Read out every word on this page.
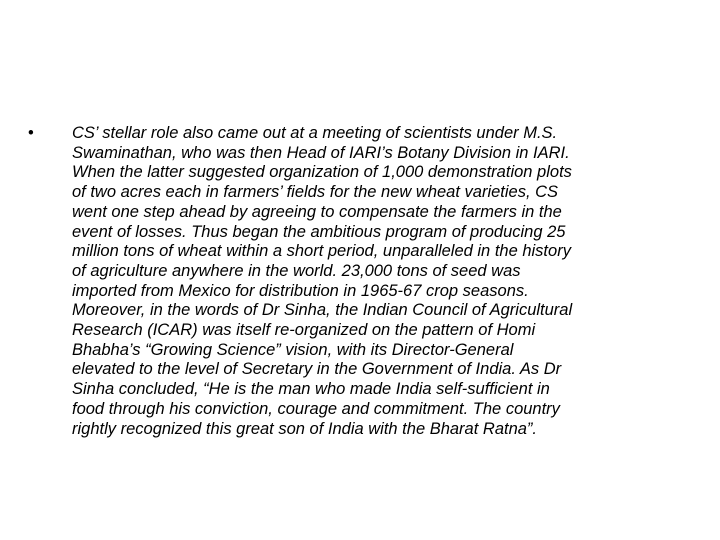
•	CS’ stellar role also came out at a meeting of scientists under M.S.
Swaminathan, who was then Head of IARI’s Botany Division in IARI.
When the latter suggested organization of 1,000 demonstration plots
of two acres each in farmers’ fields for the new wheat varieties, CS
went one step ahead by agreeing to compensate the farmers in the
event of losses. Thus began the ambitious program of producing 25
million tons of wheat within a short period, unparalleled in the history
of agriculture anywhere in the world. 23,000 tons of seed was
imported from Mexico for distribution in 1965-67 crop seasons.
Moreover, in the words of Dr Sinha, the Indian Council of Agricultural
Research (ICAR) was itself re-organized on the pattern of Homi
Bhabha’s “Growing Science” vision, with its Director-General
elevated to the level of Secretary in the Government of India. As Dr
Sinha concluded, “He is the man who made India self-sufficient in
food through his conviction, courage and commitment. The country
rightly recognized this great son of India with the Bharat Ratna”.
